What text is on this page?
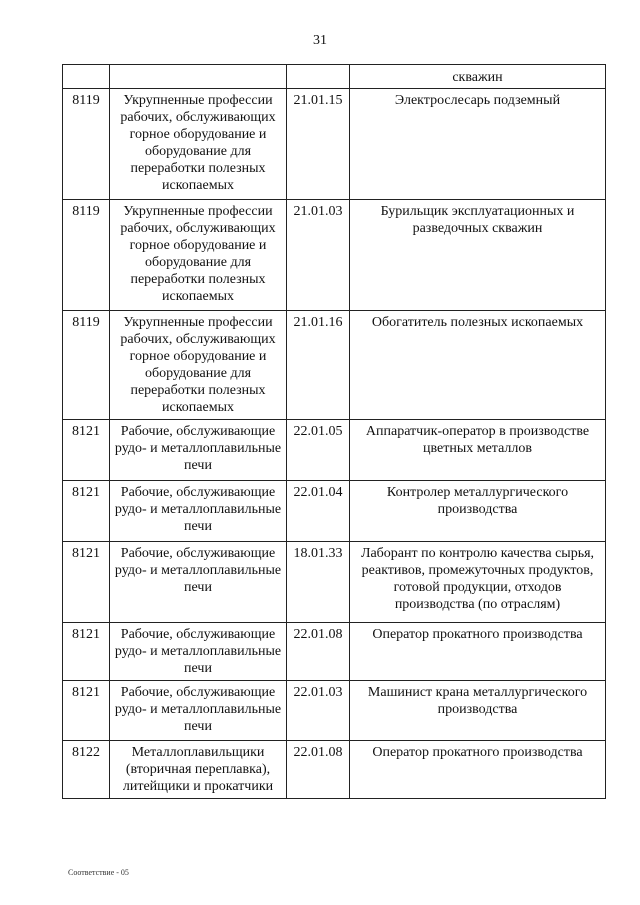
31
			скважин
8119	Укрупненные профессии рабочих, обслуживающих горное оборудование и оборудование для переработки полезных ископаемых	21.01.15	Электрослесарь подземный
8119	Укрупненные профессии рабочих, обслуживающих горное оборудование и оборудование для переработки полезных ископаемых	21.01.03	Бурильщик эксплуатационных и разведочных скважин
8119	Укрупненные профессии рабочих, обслуживающих горное оборудование и оборудование для переработки полезных ископаемых	21.01.16	Обогатитель полезных ископаемых
8121	Рабочие, обслуживающие рудо- и металлоплавильные печи	22.01.05	Аппаратчик-оператор в производстве цветных металлов
8121	Рабочие, обслуживающие рудо- и металлоплавильные печи	22.01.04	Контролер металлургического производства
8121	Рабочие, обслуживающие рудо- и металлоплавильные печи	18.01.33	Лаборант по контролю качества сырья, реактивов, промежуточных продуктов, готовой продукции, отходов производства (по отраслям)
8121	Рабочие, обслуживающие рудо- и металлоплавильные печи	22.01.08	Оператор прокатного производства
8121	Рабочие, обслуживающие рудо- и металлоплавильные печи	22.01.03	Машинист крана металлургического производства
8122	Металлоплавильщики (вторичная переплавка), литейщики и прокатчики	22.01.08	Оператор прокатного производства
Соответствие - 05
